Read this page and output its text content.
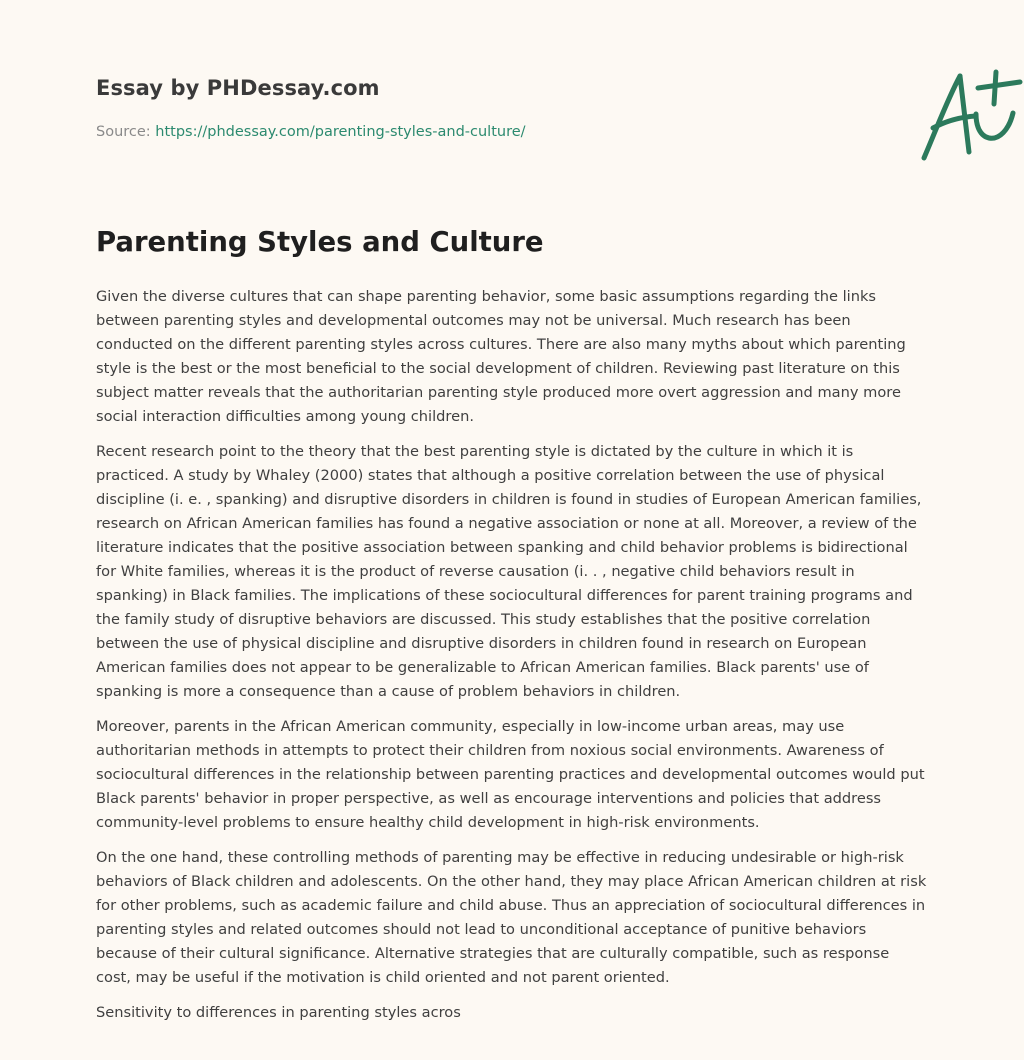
Essay by PHDessay.com
Source: https://phdessay.com/parenting-styles-and-culture/
Parenting Styles and Culture

Given the diverse cultures that can shape parenting behavior, some basic assumptions regarding the links between parenting styles and developmental outcomes may not be universal. Much research has been conducted on the different parenting styles across cultures. There are also many myths about which parenting style is the best or the most beneficial to the social development of children. Reviewing past literature on this subject matter reveals that the authoritarian parenting style produced more overt aggression and many more social interaction difficulties among young children.

Recent research point to the theory that the best parenting style is dictated by the culture in which it is practiced. A study by Whaley (2000) states that although a positive correlation between the use of physical discipline (i. e. , spanking) and disruptive disorders in children is found in studies of European American families, research on African American families has found a negative association or none at all. Moreover, a review of the literature indicates that the positive association between spanking and child behavior problems is bidirectional for White families, whereas it is the product of reverse causation (i. . , negative child behaviors result in spanking) in Black families. The implications of these sociocultural differences for parent training programs and the family study of disruptive behaviors are discussed. This study establishes that the positive correlation between the use of physical discipline and disruptive disorders in children found in research on European American families does not appear to be generalizable to African American families. Black parents' use of spanking is more a consequence than a cause of problem behaviors in children.

Moreover, parents in the African American community, especially in low-income urban areas, may use authoritarian methods in attempts to protect their children from noxious social environments. Awareness of sociocultural differences in the relationship between parenting practices and developmental outcomes would put Black parents' behavior in proper perspective, as well as encourage interventions and policies that address community-level problems to ensure healthy child development in high-risk environments.

On the one hand, these controlling methods of parenting may be effective in reducing undesirable or high-risk behaviors of Black children and adolescents. On the other hand, they may place African American children at risk for other problems, such as academic failure and child abuse. Thus an appreciation of sociocultural differences in parenting styles and related outcomes should not lead to unconditional acceptance of punitive behaviors because of their cultural significance. Alternative strategies that are culturally compatible, such as response cost, may be useful if the motivation is child oriented and not parent oriented.

Sensitivity to differences in parenting styles acros
